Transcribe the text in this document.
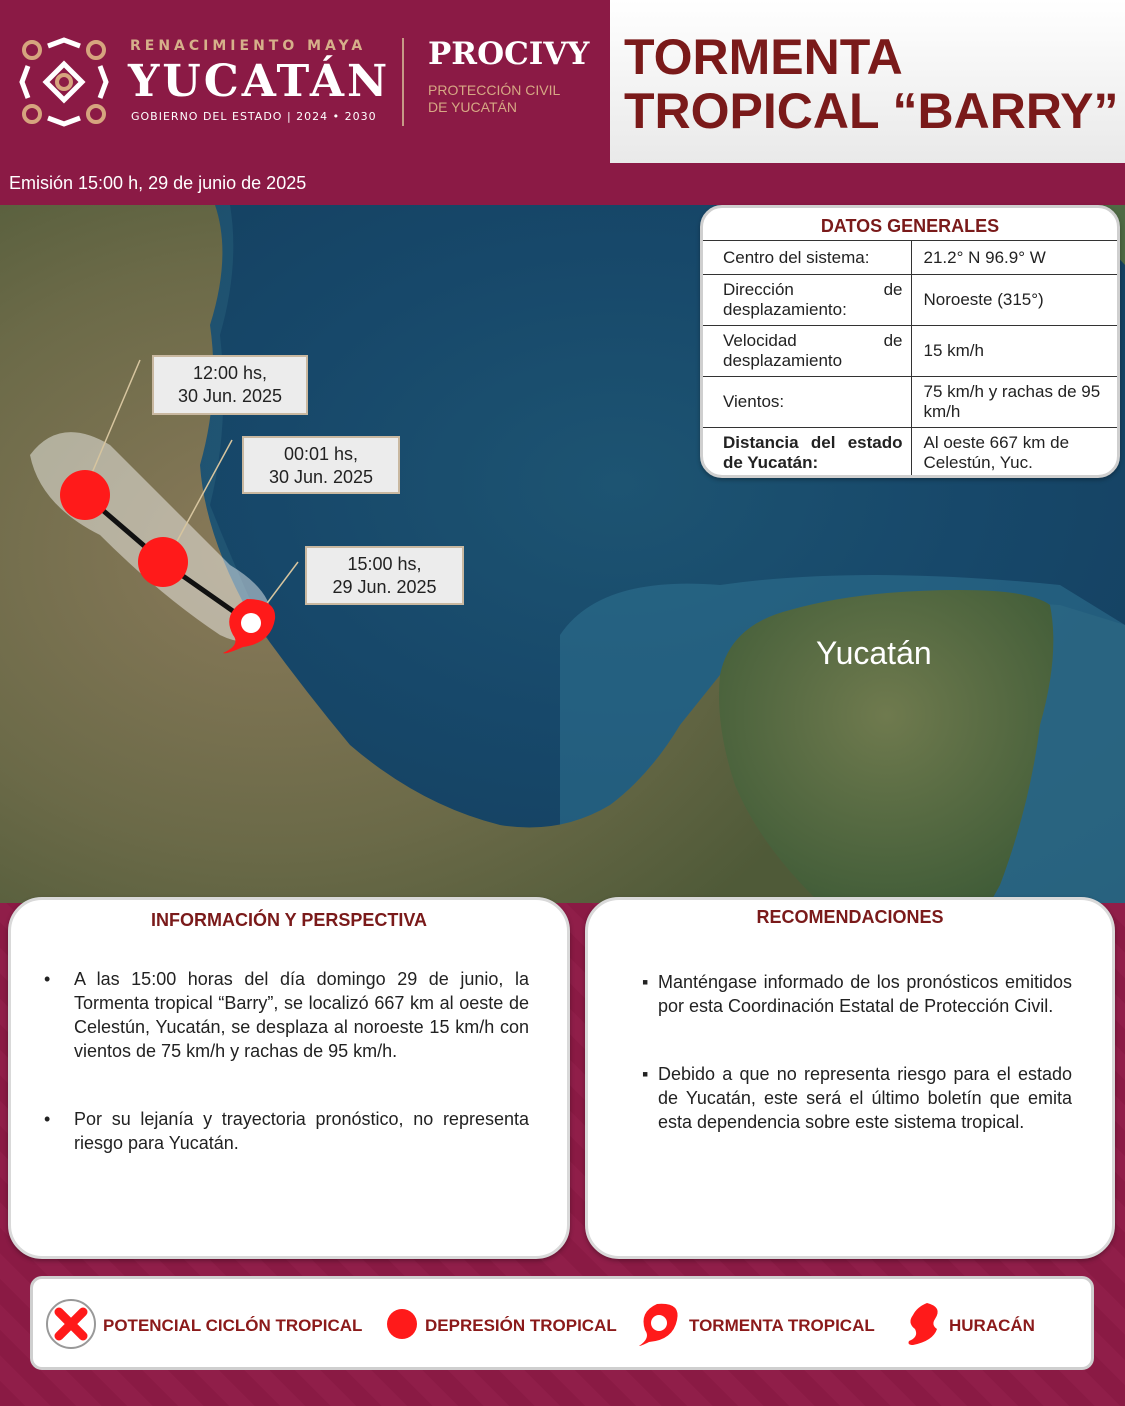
RENACIMIENTO MAYA
YUCATÁN
GOBIERNO DEL ESTADO | 2024 • 2030
PROCIVY
PROTECCIÓN CIVIL
DE YUCATÁN
TORMENTA
TROPICAL “BARRY”
Emisión 15:00 h, 29 de junio de 2025
12:00 hs,
30 Jun. 2025
00:01 hs,
30 Jun. 2025
15:00 hs,
29 Jun. 2025
Yucatán
DATOS GENERALES
Centro del sistema:	21.2° N 96.9° W
Dirección de desplazamiento:	Noroeste (315°)
Velocidad de desplazamiento	15 km/h
Vientos:	75 km/h y rachas de 95 km/h
Distancia del estado de Yucatán:	Al oeste 667 km de Celestún, Yuc.
INFORMACIÓN Y PERSPECTIVA
• A las 15:00 horas del día domingo 29 de junio, la Tormenta tropical “Barry”, se localizó 667 km al oeste de Celestún, Yucatán, se desplaza al noroeste 15 km/h con vientos de 75 km/h y rachas de 95 km/h.
• Por su lejanía y trayectoria pronóstico, no representa riesgo para Yucatán.
RECOMENDACIONES
▪ Manténgase informado de los pronósticos emitidos por esta Coordinación Estatal de Protección Civil.
▪ Debido a que no representa riesgo para el estado de Yucatán, este será el último boletín que emita esta dependencia sobre este sistema tropical.
POTENCIAL CICLÓN TROPICAL	DEPRESIÓN TROPICAL	TORMENTA TROPICAL	HURACÁN
